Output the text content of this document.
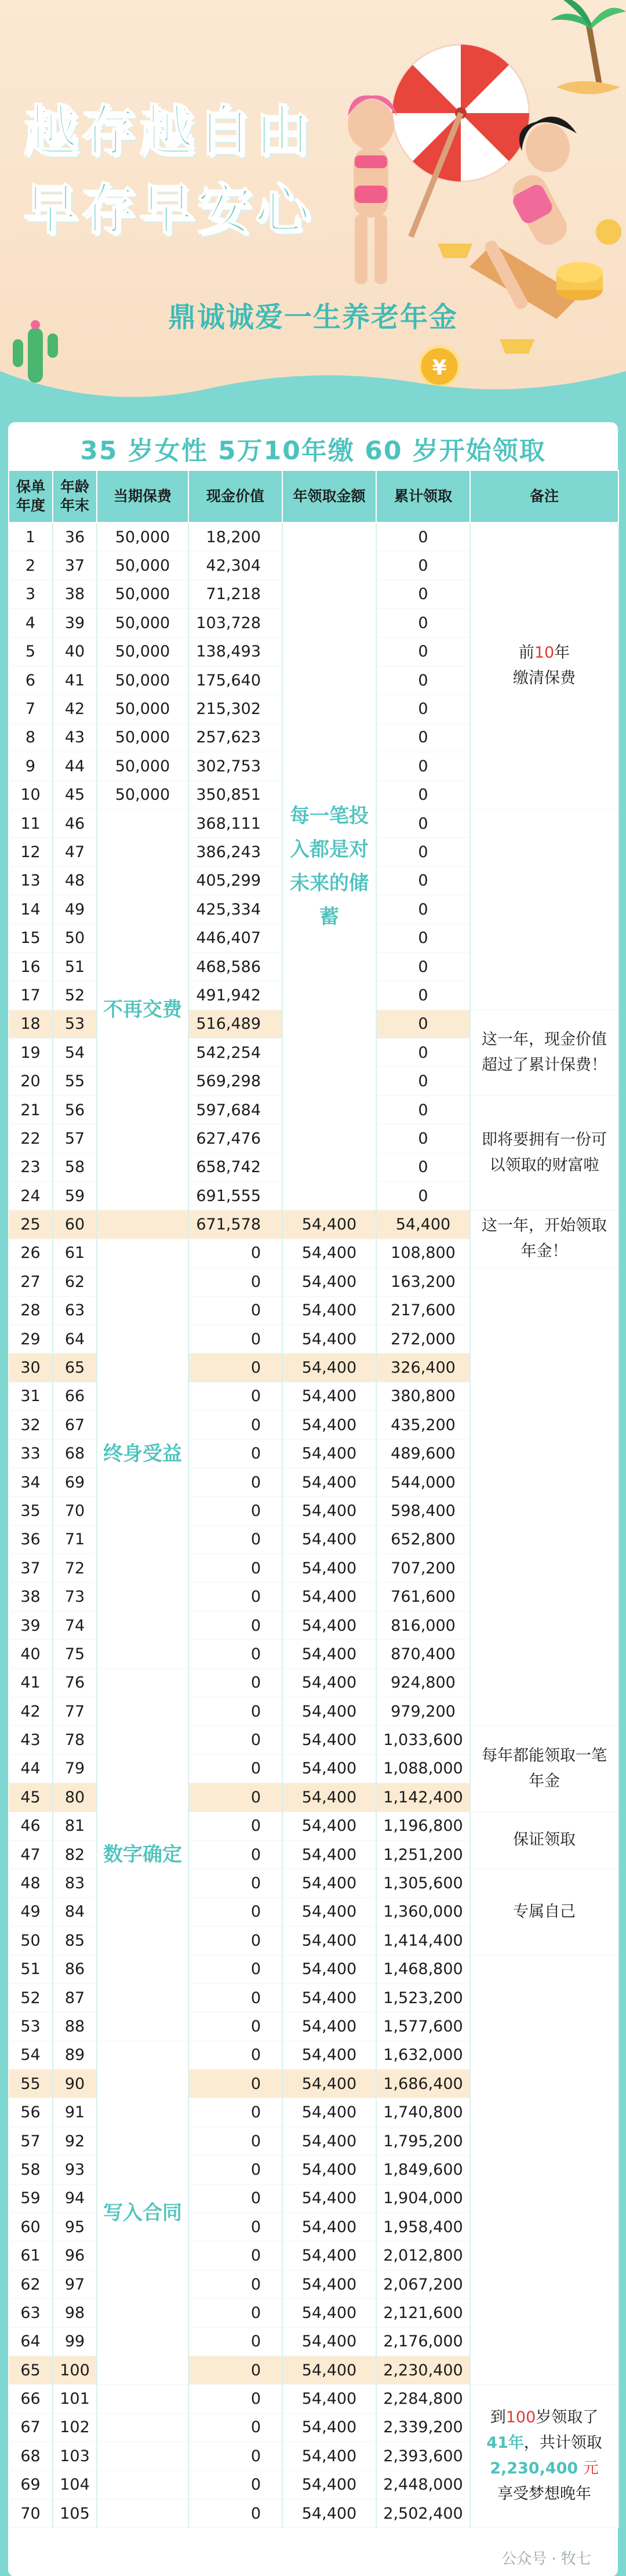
¥
越存越自由
早存早安心
鼎诚诚爱一生养老年金
35 岁女性 5万10年缴 60 岁开始领取
保单年度	年龄年末	当期保费	现金价值	年领取金额	累计领取	备注
1	36	50,000	18,200	每一笔投入都是对未来的储蓄	0	前10年
缴清保费
2	37	50,000	42,304		0	
3	38	50,000	71,218		0	
4	39	50,000	103,728		0	
5	40	50,000	138,493		0	
6	41	50,000	175,640		0	
7	42	50,000	215,302		0	
8	43	50,000	257,623		0	
9	44	50,000	302,753		0	
10	45	50,000	350,851		0	
11	46	不再交费	368,111		0	
12	47		386,243		0	
13	48		405,299		0	
14	49		425,334		0	
15	50		446,407		0	
16	51		468,586		0	
17	52		491,942		0	
18	53		516,489		0	这一年，现金价值超过了累计保费！
19	54		542,254		0	
20	55		569,298		0	
21	56		597,684		0	即将要拥有一份可以领取的财富啦
22	57		627,476		0	
23	58		658,742		0	
24	59		691,555		0	
25	60		671,578	54,400	54,400	这一年，开始领取年金！
26	61	终身受益	0	54,400	108,800	
27	62		0	54,400	163,200	
28	63		0	54,400	217,600	
29	64		0	54,400	272,000	
30	65		0	54,400	326,400	
31	66		0	54,400	380,800	
32	67		0	54,400	435,200	
33	68		0	54,400	489,600	
34	69		0	54,400	544,000	
35	70		0	54,400	598,400	
36	71		0	54,400	652,800	
37	72		0	54,400	707,200	
38	73		0	54,400	761,600	
39	74		0	54,400	816,000	
40	75		0	54,400	870,400	
41	76	数字确定	0	54,400	924,800	
42	77		0	54,400	979,200	
43	78		0	54,400	1,033,600	每年都能领取一笔年金
44	79		0	54,400	1,088,000	
45	80		0	54,400	1,142,400	
46	81		0	54,400	1,196,800	保证领取
47	82		0	54,400	1,251,200	
48	83		0	54,400	1,305,600	专属自己
49	84		0	54,400	1,360,000	
50	85		0	54,400	1,414,400	
51	86		0	54,400	1,468,800	
52	87		0	54,400	1,523,200	
53	88		0	54,400	1,577,600	
54	89	写入合同	0	54,400	1,632,000	
55	90		0	54,400	1,686,400	
56	91		0	54,400	1,740,800	
57	92		0	54,400	1,795,200	
58	93		0	54,400	1,849,600	
59	94		0	54,400	1,904,000	
60	95		0	54,400	1,958,400	
61	96		0	54,400	2,012,800	
62	97		0	54,400	2,067,200	
63	98		0	54,400	2,121,600	
64	99		0	54,400	2,176,000	
65	100		0	54,400	2,230,400	
66	101		0	54,400	2,284,800	到100岁领取了
41年，共计领取
2,230,400 元
享受梦想晚年

67	102		0	54,400	2,339,200	
68	103		0	54,400	2,393,600	
69	104		0	54,400	2,448,000	
70	105		0	54,400	2,502,400	
公众号 · 牧七
